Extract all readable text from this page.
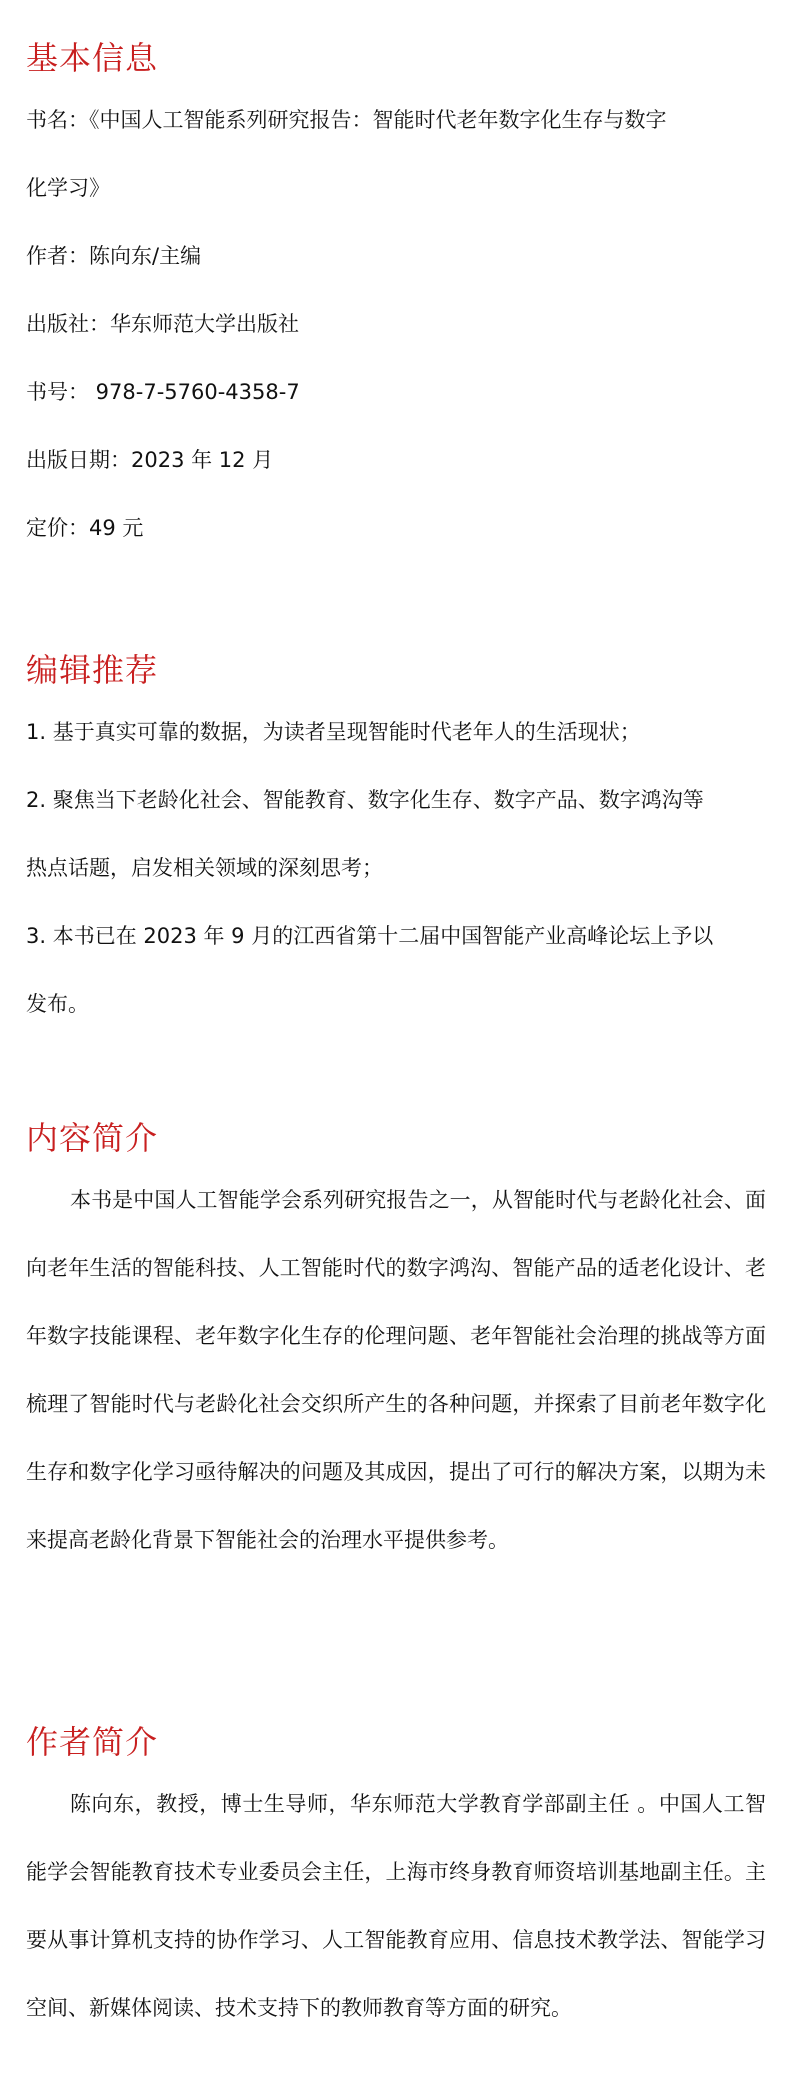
基本信息

书名：《中国人工智能系列研究报告：智能时代老年数字化生存与数字

化学习》

作者：陈向东/主编

出版社：华东师范大学出版社

书号： 978-7-5760-4358-7

出版日期：2023 年 12 月

定价：49 元

编辑推荐

1. 基于真实可靠的数据，为读者呈现智能时代老年人的生活现状；

2. 聚焦当下老龄化社会、智能教育、数字化生存、数字产品、数字鸿沟等

热点话题，启发相关领域的深刻思考；

3. 本书已在 2023 年 9 月的江西省第十二届中国智能产业高峰论坛上予以

发布。

内容简介

本书是中国人工智能学会系列研究报告之一，从智能时代与老龄化社会、面向老年生活的智能科技、人工智能时代的数字鸿沟、智能产品的适老化设计、老年数字技能课程、老年数字化生存的伦理问题、老年智能社会治理的挑战等方面梳理了智能时代与老龄化社会交织所产生的各种问题，并探索了目前老年数字化生存和数字化学习亟待解决的问题及其成因，提出了可行的解决方案，以期为未来提高老龄化背景下智能社会的治理水平提供参考。

作者简介

陈向东，教授，博士生导师，华东师范大学教育学部副主任 。中国人工智能学会智能教育技术专业委员会主任，上海市终身教育师资培训基地副主任。主要从事计算机支持的协作学习、人工智能教育应用、信息技术教学法、智能学习空间、新媒体阅读、技术支持下的教师教育等方面的研究。
